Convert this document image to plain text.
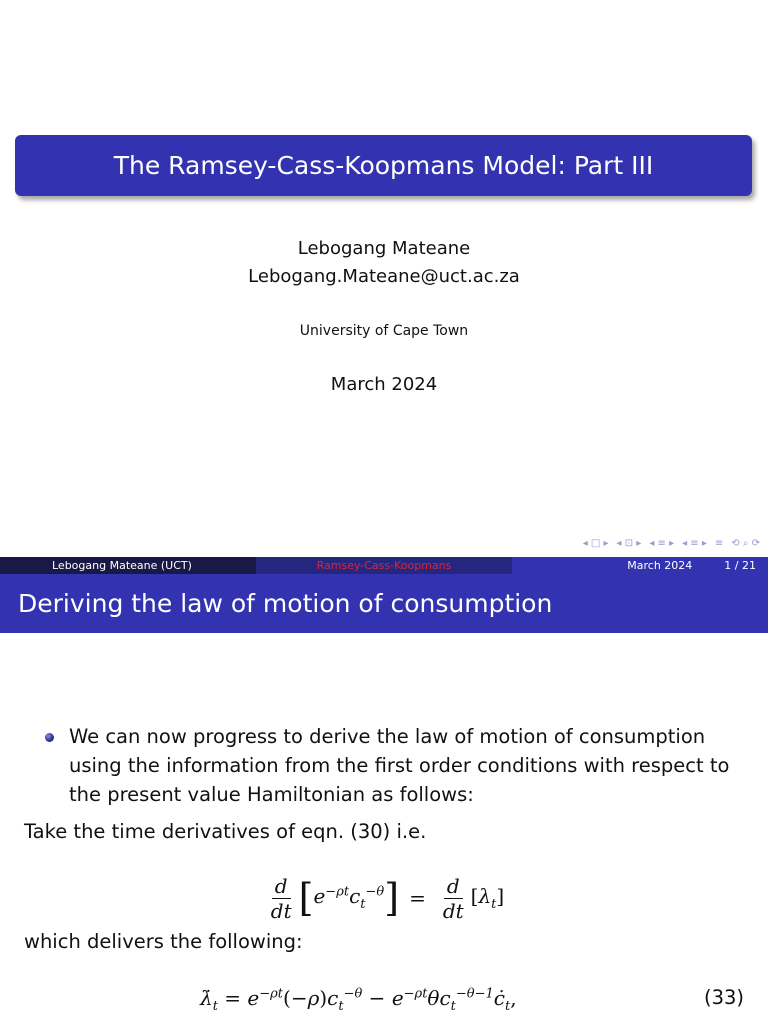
The Ramsey-Cass-Koopmans Model: Part III
Lebogang Mateane
Lebogang.Mateane@uct.ac.za
University of Cape Town
March 2024
◂ □ ▸ ◂ ⊡ ▸ ◂ ≡ ▸ ◂ ≡ ▸ ≡ ⟲ ⌕ ⟳
Lebogang Mateane (UCT)	Ramsey-Cass-Koopmans	March 2024	1 / 21
Deriving the law of motion of consumption
We can now progress to derive the law of motion of consumption using the information from the first order conditions with respect to the present value Hamiltonian as follows:
Take the time derivatives of eqn. (30) i.e.
$\frac{d}{dt}$ [ $e^{-\rho t}c_t^{-\theta}$ ] = $\frac{d}{dt} [\lambda_t]$
which delivers the following:
$\lambdȧ_t = e^{-\rho t}(-\rho)c_t^{-\theta}$ − $e^{-\rho t}\theta c_t^{-\theta-1}ċ_t$,	(33)
